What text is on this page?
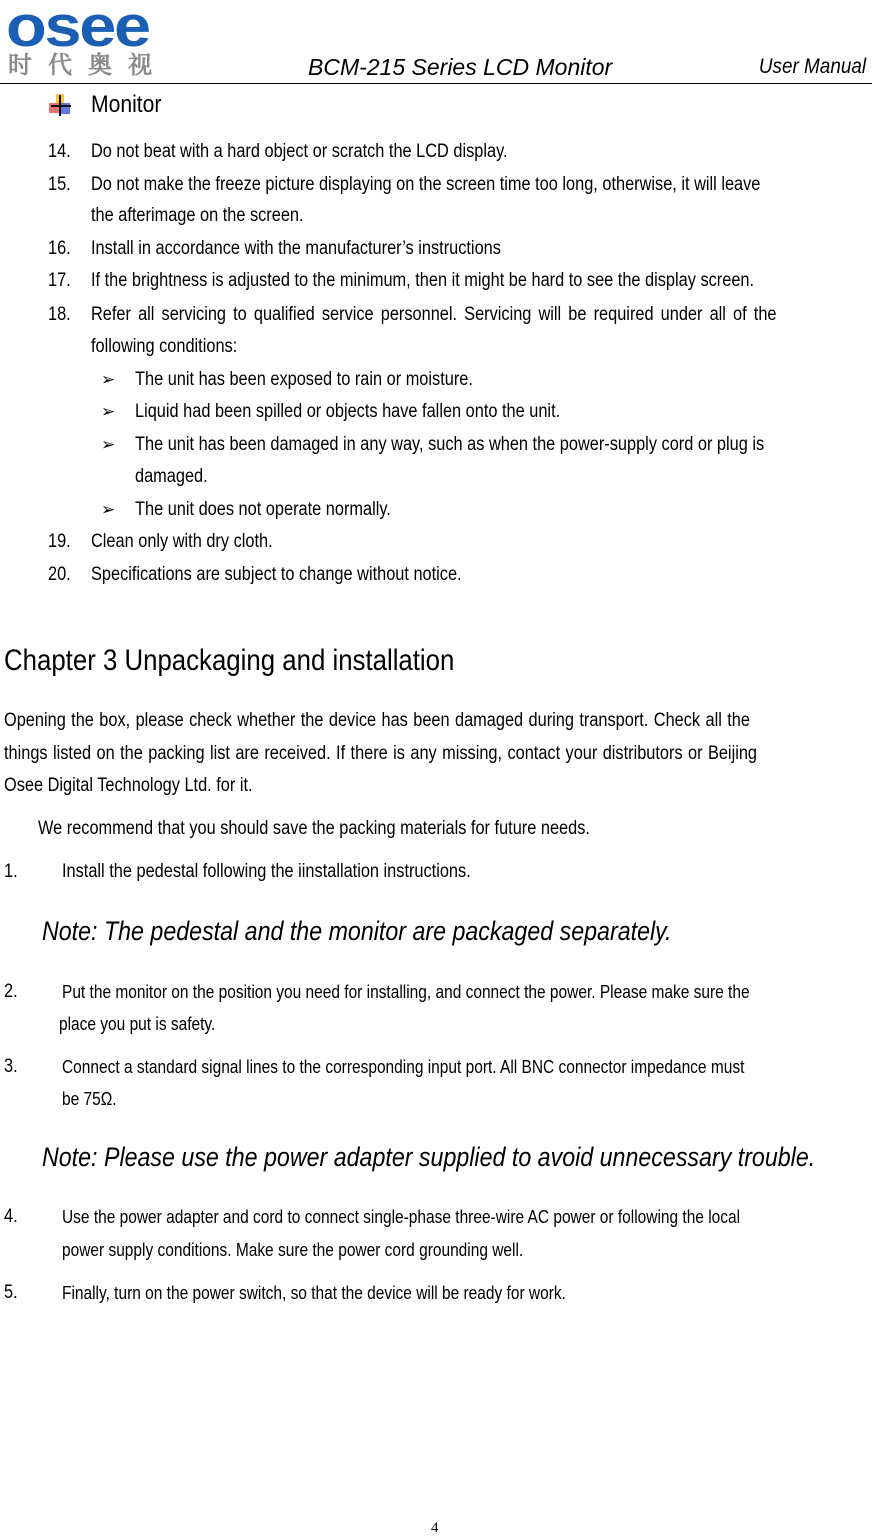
osee
时代奥视	BCM-215 Series LCD Monitor	User Manual
Monitor
14. Do not beat with a hard object or scratch the LCD display.
15. Do not make the freeze picture displaying on the screen time too long, otherwise, it will leave
the afterimage on the screen.
16. Install in accordance with the manufacturer’s instructions
17. If the brightness is adjusted to the minimum, then it might be hard to see the display screen.
18. Refer all servicing to qualified service personnel. Servicing will be required under all of the
following conditions:
➢ The unit has been exposed to rain or moisture.
➢ Liquid had been spilled or objects have fallen onto the unit.
➢ The unit has been damaged in any way, such as when the power-supply cord or plug is
damaged.
➢ The unit does not operate normally.
19. Clean only with dry cloth.
20. Specifications are subject to change without notice.
Chapter 3 Unpackaging and installation
Opening the box, please check whether the device has been damaged during transport. Check all the
things listed on the packing list are received. If there is any missing, contact your distributors or Beijing
Osee Digital Technology Ltd. for it.
We recommend that you should save the packing materials for future needs.
1. Install the pedestal following the iinstallation instructions.
Note: The pedestal and the monitor are packaged separately.
2. Put the monitor on the position you need for installing, and connect the power. Please make sure the
place you put is safety.
3. Connect a standard signal lines to the corresponding input port. All BNC connector impedance must
be 75Ω.
Note: Please use the power adapter supplied to avoid unnecessary trouble.
4. Use the power adapter and cord to connect single-phase three-wire AC power or following the local
power supply conditions. Make sure the power cord grounding well.
5. Finally, turn on the power switch, so that the device will be ready for work.
4
